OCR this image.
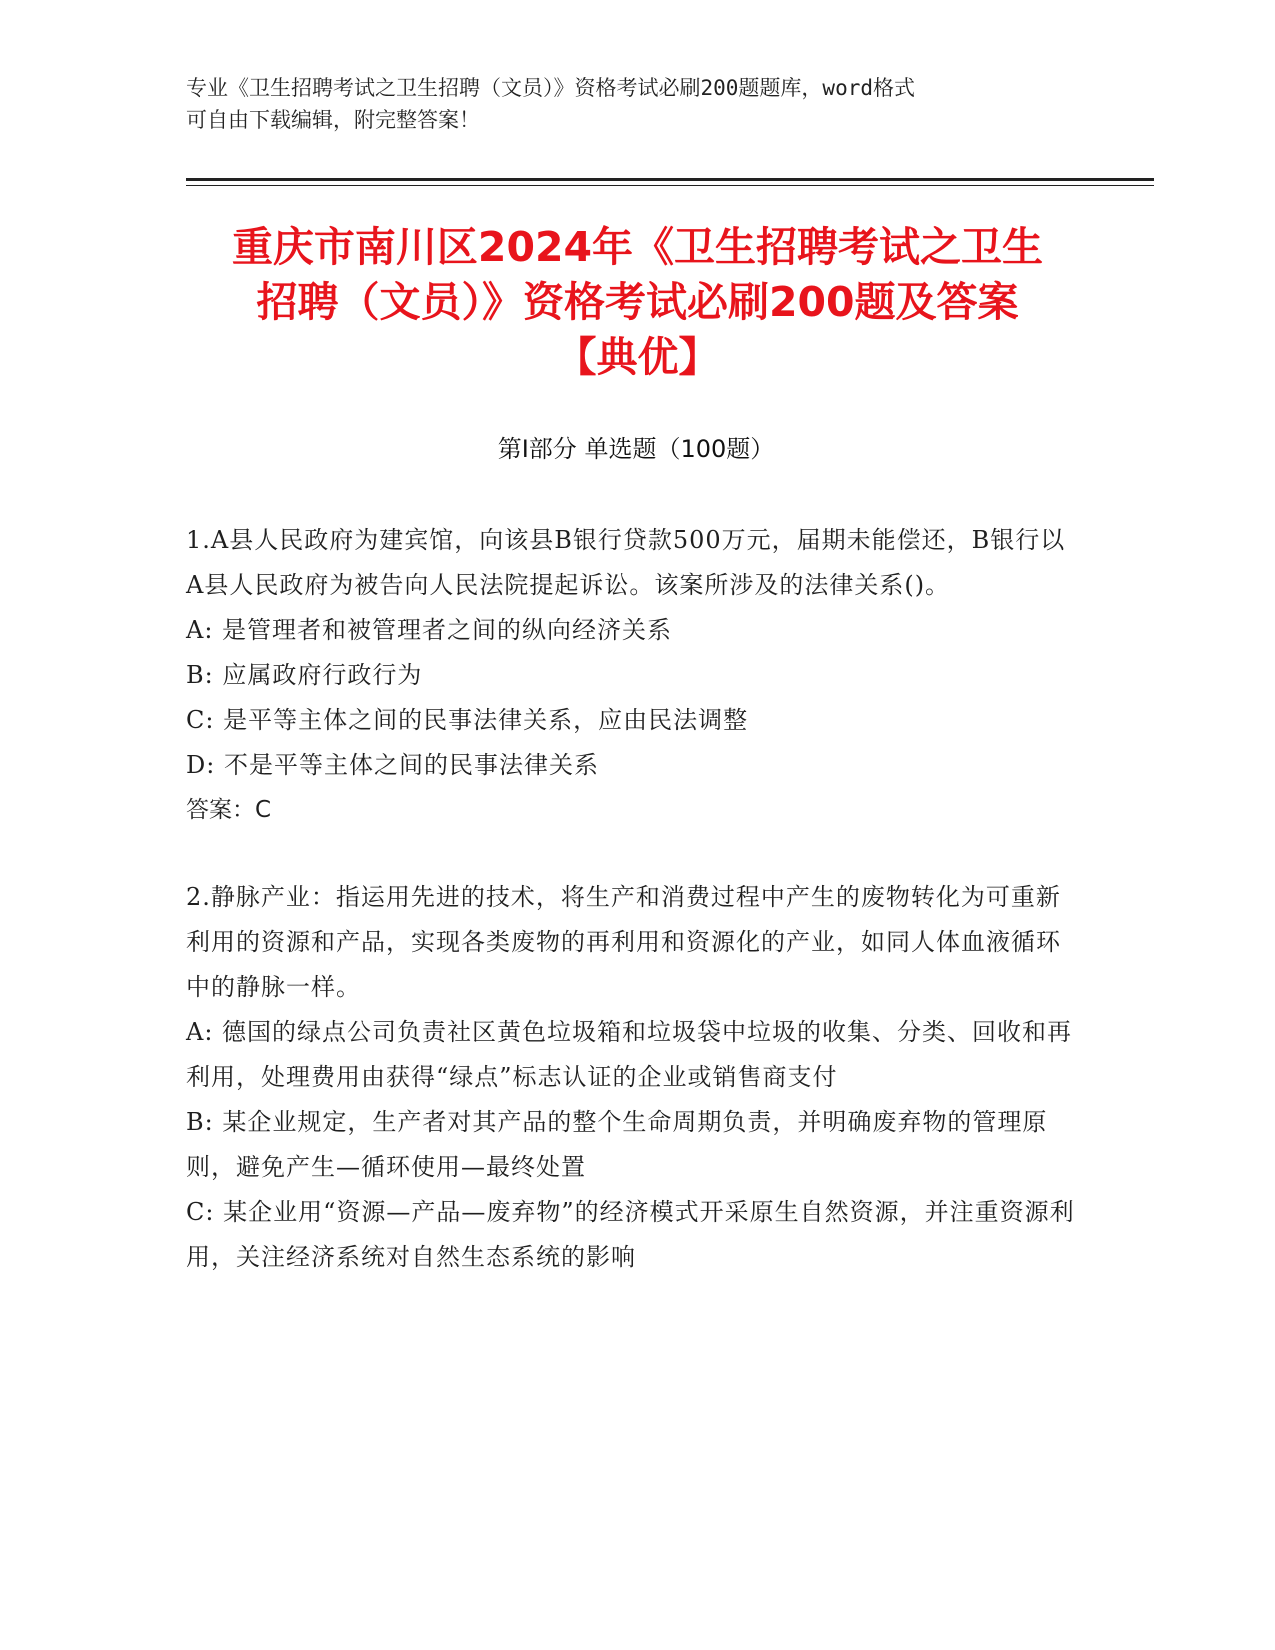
专业《卫生招聘考试之卫生招聘（文员）》资格考试必刷200题题库，word格式
可自由下载编辑，附完整答案！
重庆市南川区2024年《卫生招聘考试之卫生
招聘（文员）》资格考试必刷200题及答案
【典优】
第I部分 单选题（100题）

1.A县人民政府为建宾馆，向该县B银行贷款500万元，届期未能偿还，B银行以A县人民政府为被告向人民法院提起诉讼。该案所涉及的法律关系()。

A: 是管理者和被管理者之间的纵向经济关系

B: 应属政府行政行为

C: 是平等主体之间的民事法律关系，应由民法调整

D: 不是平等主体之间的民事法律关系

答案：C

2.静脉产业：指运用先进的技术，将生产和消费过程中产生的废物转化为可重新利用的资源和产品，实现各类废物的再利用和资源化的产业，如同人体血液循环中的静脉一样。

A: 德国的绿点公司负责社区黄色垃圾箱和垃圾袋中垃圾的收集、分类、回收和再利用，处理费用由获得“绿点”标志认证的企业或销售商支付

B: 某企业规定，生产者对其产品的整个生命周期负责，并明确废弃物的管理原则，避免产生—循环使用—最终处置

C: 某企业用“资源—产品—废弃物”的经济模式开采原生自然资源，并注重资源利用，关注经济系统对自然生态系统的影响
